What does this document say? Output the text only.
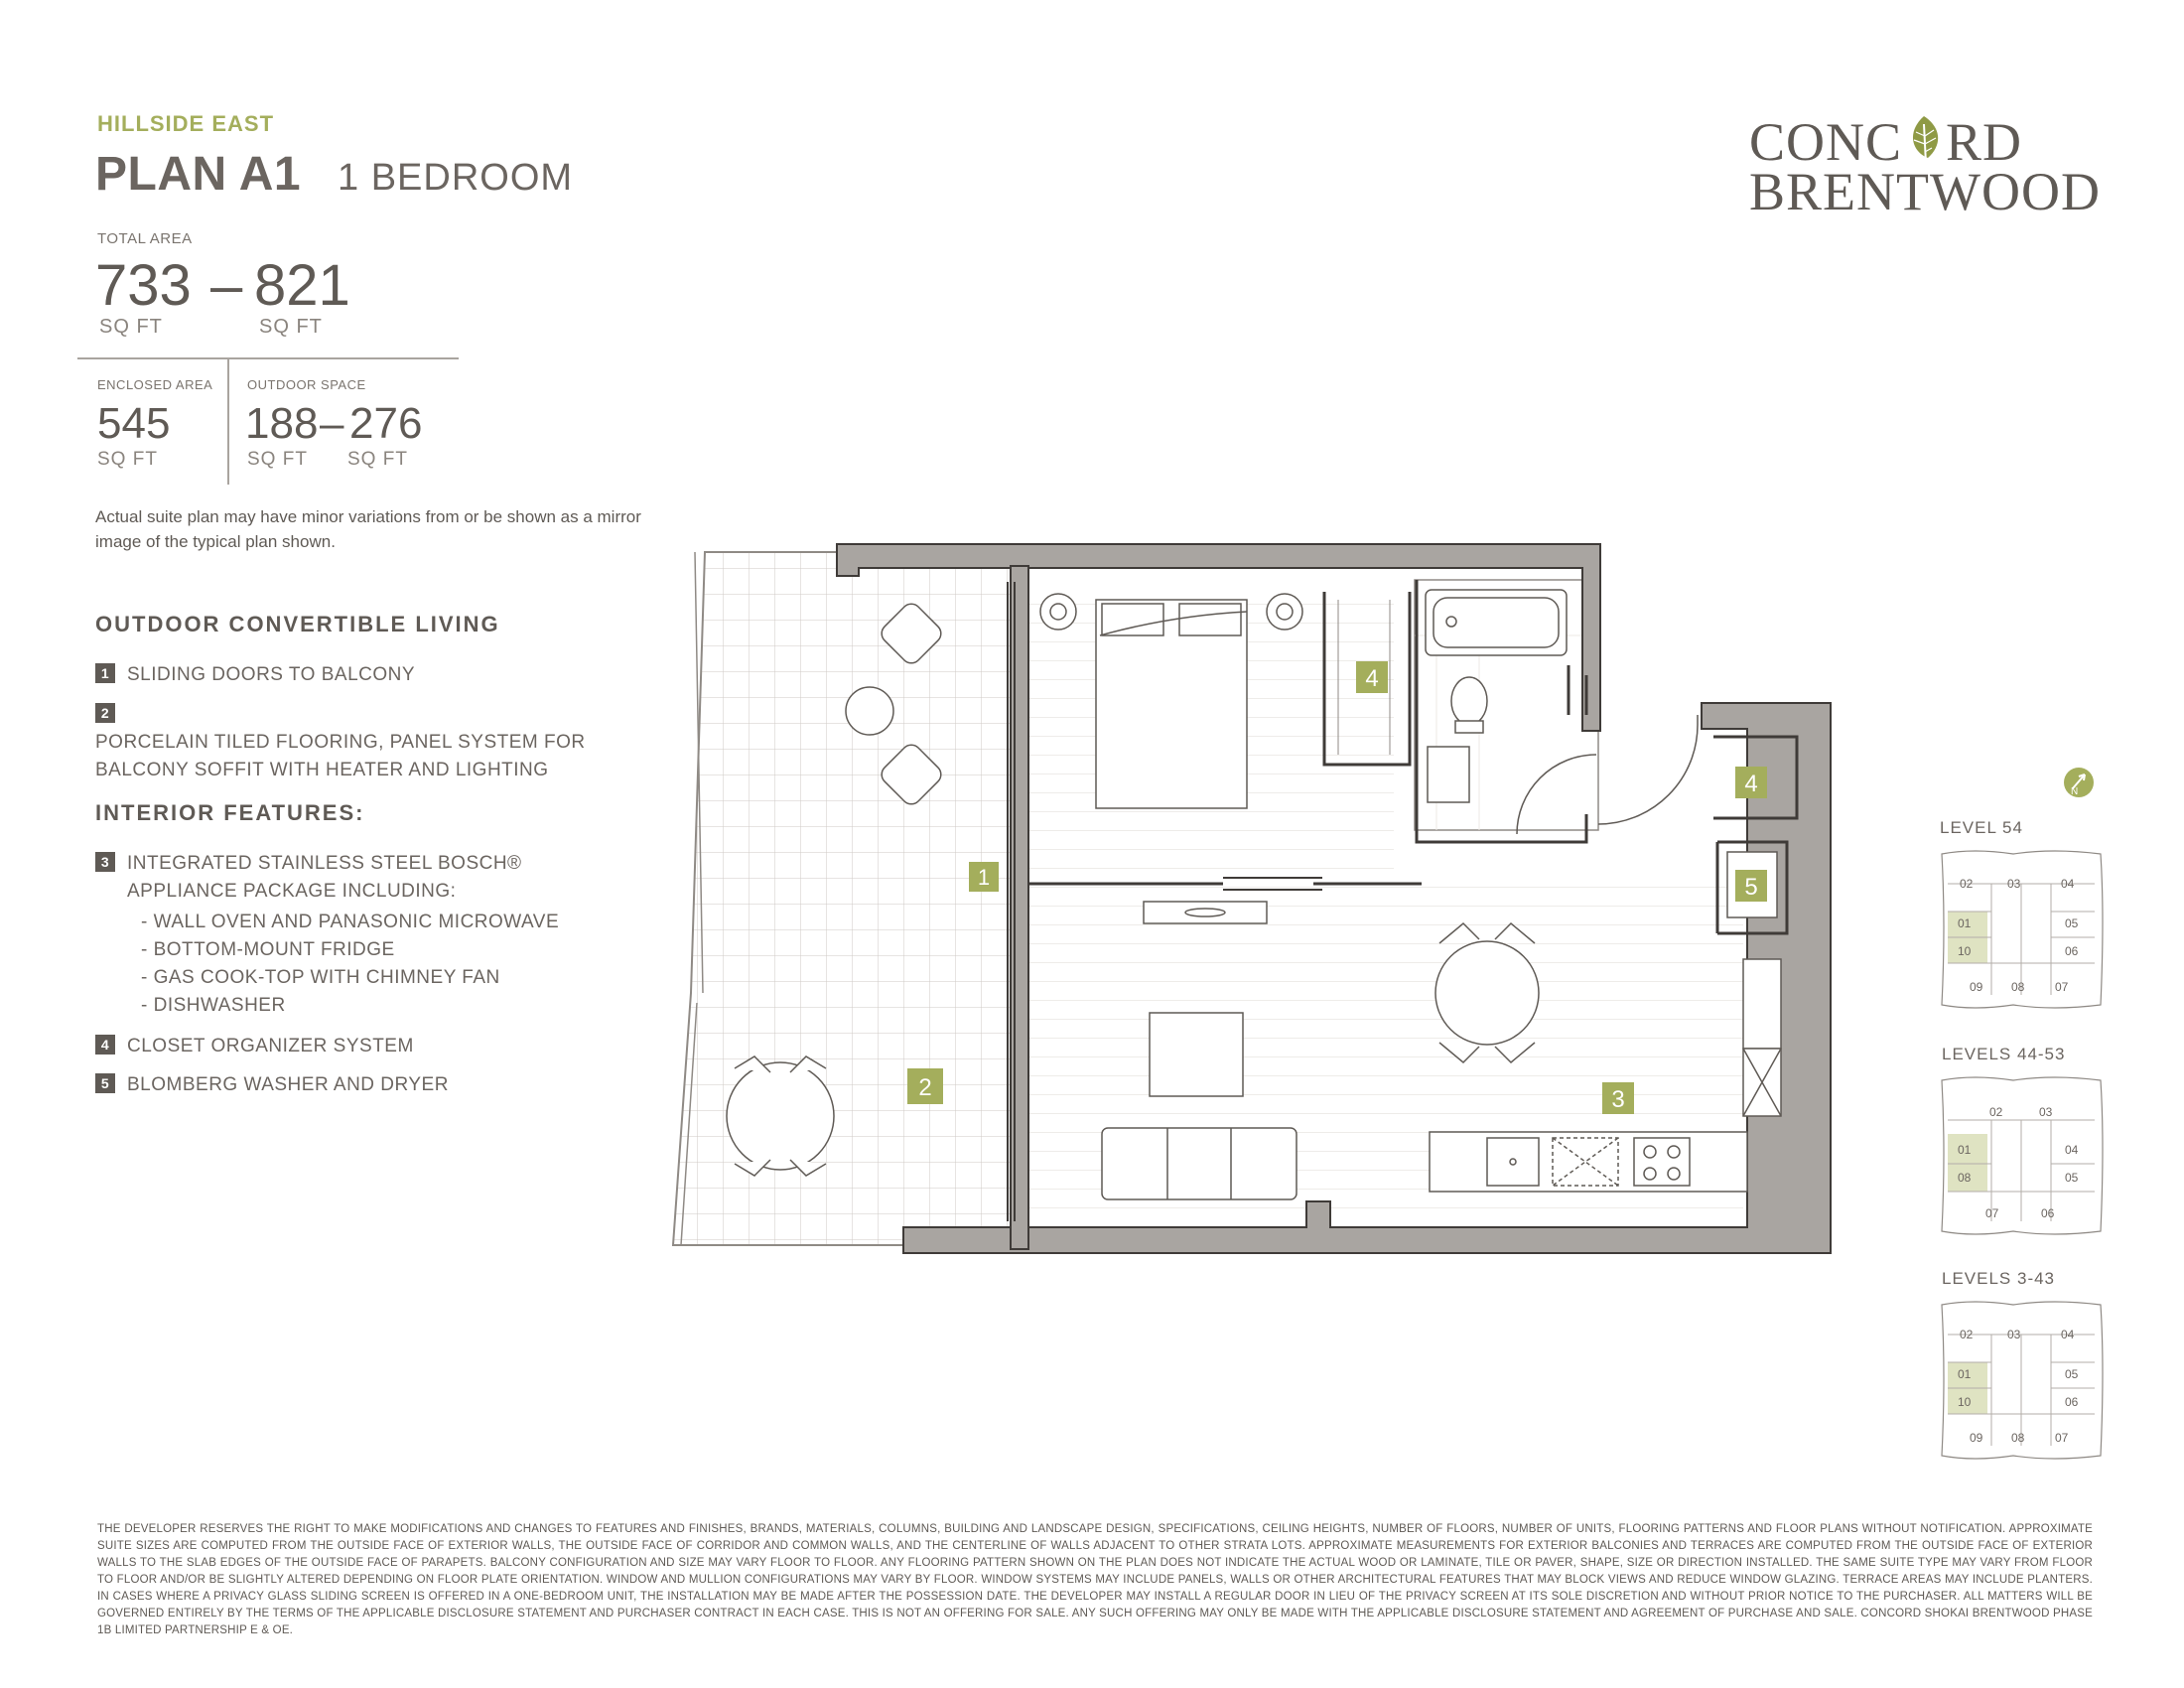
HILLSIDE EAST
PLAN A1 1 BEDROOM
CONC RD
BRENTWOOD
TOTAL AREA
733 – 821
SQ FT	SQ FT
ENCLOSED AREA
545
SQ FT
OUTDOOR SPACE
188 – 276
SQ FT SQ FT
Actual suite plan may have minor variations from or be shown as a mirror image of the typical plan shown.
OUTDOOR CONVERTIBLE LIVING
1 SLIDING DOORS TO BALCONY
2PORCELAIN TILED FLOORING, PANEL SYSTEM FOR BALCONY SOFFIT WITH HEATER AND LIGHTING
INTERIOR FEATURES:
3 INTEGRATED STAINLESS STEEL BOSCH® APPLIANCE PACKAGE INCLUDING:
- WALL OVEN AND PANASONIC MICROWAVE
- BOTTOM-MOUNT FRIDGE
- GAS COOK-TOP WITH CHIMNEY FAN
- DISHWASHER
4 CLOSET ORGANIZER SYSTEM
5 BLOMBERG WASHER AND DRYER
1
2	3
4
4
5
N
LEVEL 54
02	03	04
01	05
10	06
09 08	07
LEVELS 44-53
02	03
01	04
08	05
07	06
LEVELS 3-43
02	03	04
01	05
10	06
09 08	07
THE DEVELOPER RESERVES THE RIGHT TO MAKE MODIFICATIONS AND CHANGES TO FEATURES AND FINISHES, BRANDS, MATERIALS, COLUMNS, BUILDING AND LANDSCAPE DESIGN, SPECIFICATIONS, CEILING HEIGHTS, NUMBER OF FLOORS, NUMBER OF UNITS, FLOORING PATTERNS AND FLOOR PLANS WITHOUT NOTIFICATION. APPROXIMATE SUITE SIZES ARE COMPUTED FROM THE OUTSIDE FACE OF EXTERIOR WALLS, THE OUTSIDE FACE OF CORRIDOR AND COMMON WALLS, AND THE CENTERLINE OF WALLS ADJACENT TO OTHER STRATA LOTS. APPROXIMATE MEASUREMENTS FOR EXTERIOR BALCONIES AND TERRACES ARE COMPUTED FROM THE OUTSIDE FACE OF EXTERIOR WALLS TO THE SLAB EDGES OF THE OUTSIDE FACE OF PARAPETS. BALCONY CONFIGURATION AND SIZE MAY VARY FLOOR TO FLOOR. ANY FLOORING PATTERN SHOWN ON THE PLAN DOES NOT INDICATE THE ACTUAL WOOD OR LAMINATE, TILE OR PAVER, SHAPE, SIZE OR DIRECTION INSTALLED. THE SAME SUITE TYPE MAY VARY FROM FLOOR TO FLOOR AND/OR BE SLIGHTLY ALTERED DEPENDING ON FLOOR PLATE ORIENTATION. WINDOW AND MULLION CONFIGURATIONS MAY VARY BY FLOOR. WINDOW SYSTEMS MAY INCLUDE PANELS, WALLS OR OTHER ARCHITECTURAL FEATURES THAT MAY BLOCK VIEWS AND REDUCE WINDOW GLAZING. TERRACE AREAS MAY INCLUDE PLANTERS. IN CASES WHERE A PRIVACY GLASS SLIDING SCREEN IS OFFERED IN A ONE-BEDROOM UNIT, THE INSTALLATION MAY BE MADE AFTER THE POSSESSION DATE. THE DEVELOPER MAY INSTALL A REGULAR DOOR IN LIEU OF THE PRIVACY SCREEN AT ITS SOLE DISCRETION AND WITHOUT PRIOR NOTICE TO THE PURCHASER. ALL MATTERS WILL BE GOVERNED ENTIRELY BY THE TERMS OF THE APPLICABLE DISCLOSURE STATEMENT AND PURCHASER CONTRACT IN EACH CASE. THIS IS NOT AN OFFERING FOR SALE. ANY SUCH OFFERING MAY ONLY BE MADE WITH THE APPLICABLE DISCLOSURE STATEMENT AND AGREEMENT OF PURCHASE AND SALE. CONCORD SHOKAI BRENTWOOD PHASE 1B LIMITED PARTNERSHIP E & OE.
